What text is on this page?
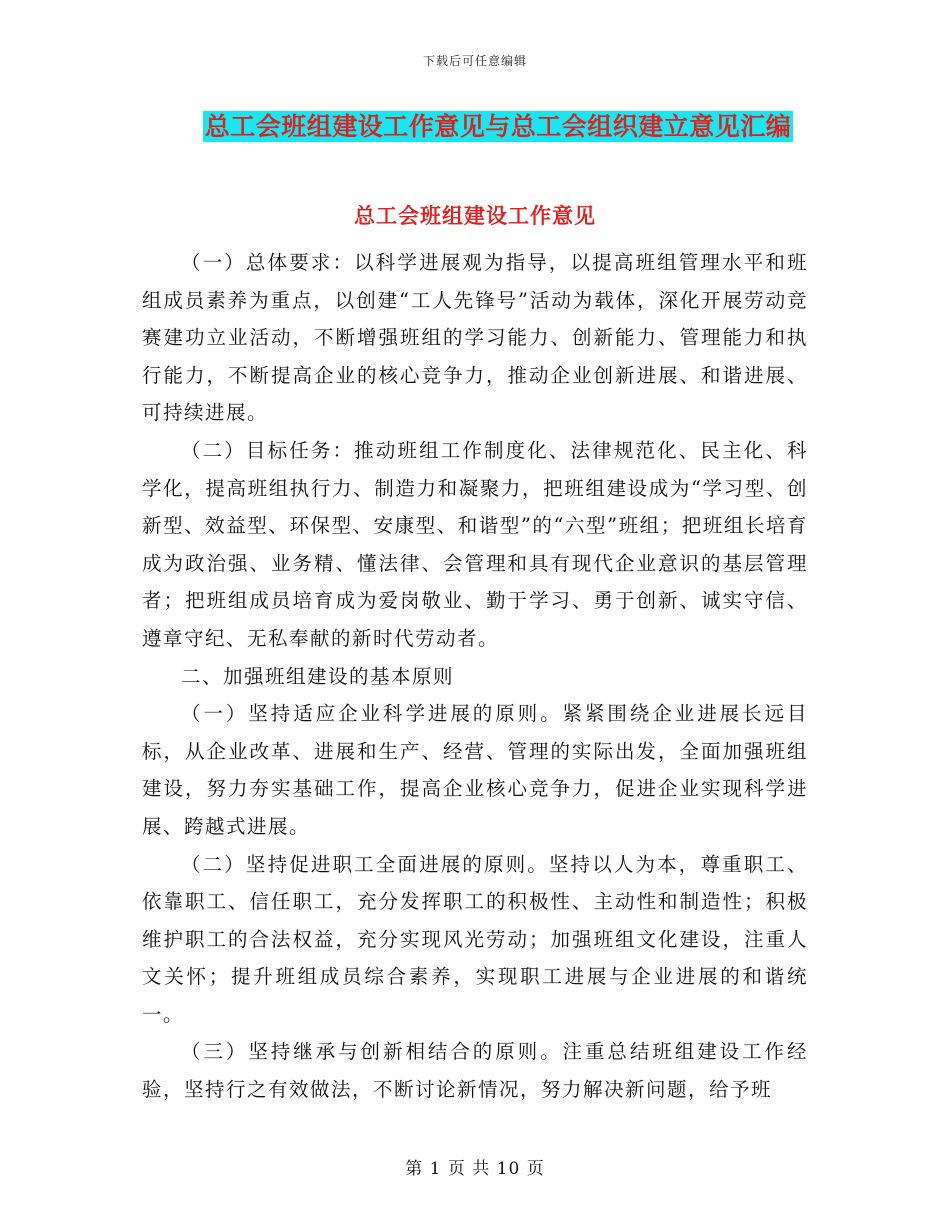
下载后可任意编辑
总工会班组建设工作意见与总工会组织建立意见汇编
总工会班组建设工作意见

（一）总体要求：以科学进展观为指导，以提高班组管理水平和班组成员素养为重点，以创建“工人先锋号”活动为载体，深化开展劳动竞赛建功立业活动，不断增强班组的学习能力、创新能力、管理能力和执行能力，不断提高企业的核心竞争力，推动企业创新进展、和谐进展、可持续进展。

（二）目标任务：推动班组工作制度化、法律规范化、民主化、科学化，提高班组执行力、制造力和凝聚力，把班组建设成为“学习型、创新型、效益型、环保型、安康型、和谐型”的“六型”班组；把班组长培育成为政治强、业务精、懂法律、会管理和具有现代企业意识的基层管理者；把班组成员培育成为爱岗敬业、勤于学习、勇于创新、诚实守信、遵章守纪、无私奉献的新时代劳动者。

二、加强班组建设的基本原则

（一）坚持适应企业科学进展的原则。紧紧围绕企业进展长远目标，从企业改革、进展和生产、经营、管理的实际出发，全面加强班组建设，努力夯实基础工作，提高企业核心竞争力，促进企业实现科学进展、跨越式进展。

（二）坚持促进职工全面进展的原则。坚持以人为本，尊重职工、依靠职工、信任职工，充分发挥职工的积极性、主动性和制造性；积极维护职工的合法权益，充分实现风光劳动；加强班组文化建设，注重人文关怀；提升班组成员综合素养，实现职工进展与企业进展的和谐统一。

（三）坚持继承与创新相结合的原则。注重总结班组建设工作经验，坚持行之有效做法，不断讨论新情况，努力解决新问题，给予班

第 1 页 共 10 页
